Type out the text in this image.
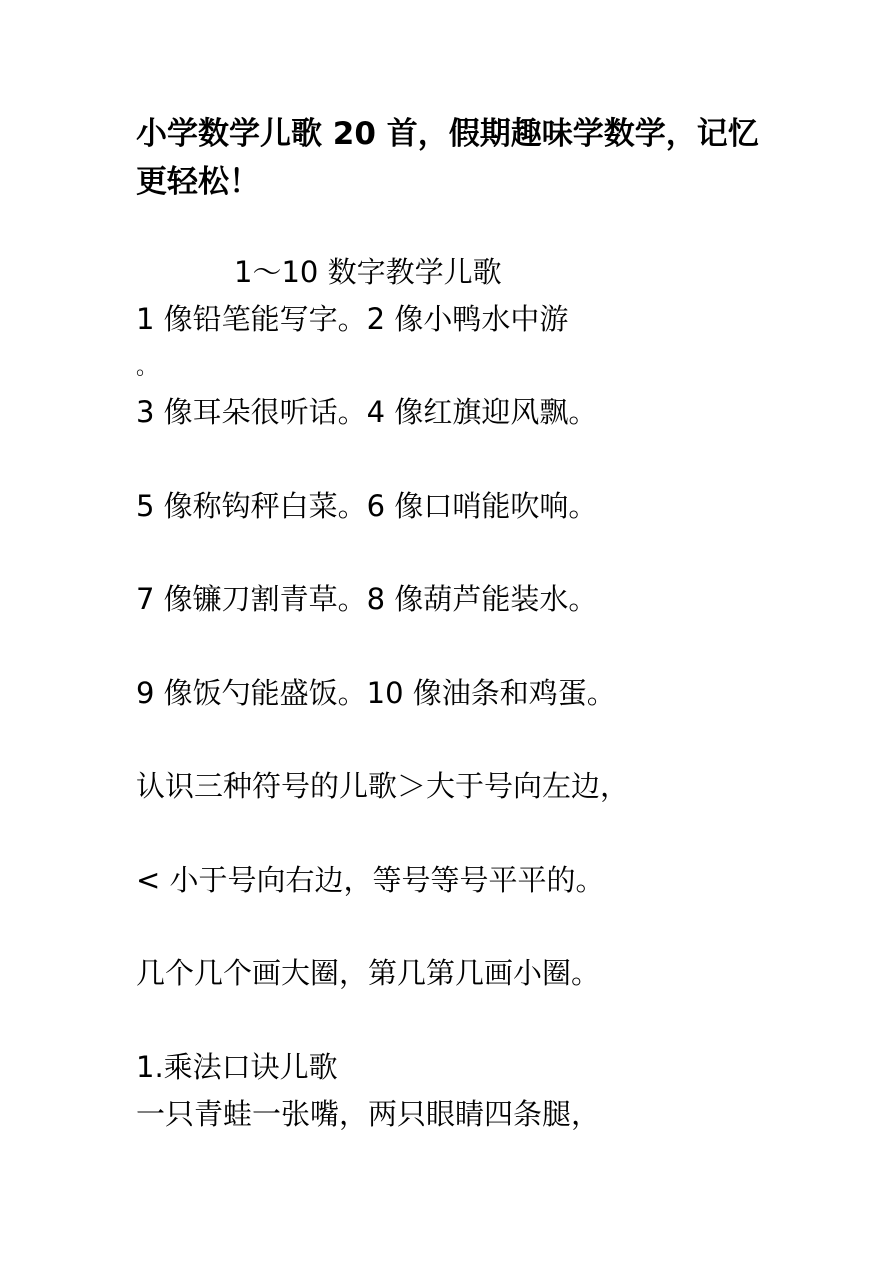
小学数学儿歌 20 首，假期趣味学数学，记忆更轻松！

1～10 数字教学儿歌

1 像铅笔能写字。2 像小鸭水中游

。

3 像耳朵很听话。4 像红旗迎风飘。

5 像称钩秤白菜。6 像口哨能吹响。

7 像镰刀割青草。8 像葫芦能装水。

9 像饭勺能盛饭。10 像油条和鸡蛋。

认识三种符号的儿歌＞大于号向左边，

< 小于号向右边，等号等号平平的。

几个几个画大圈，第几第几画小圈。

1.乘法口诀儿歌

一只青蛙一张嘴，两只眼睛四条腿，
